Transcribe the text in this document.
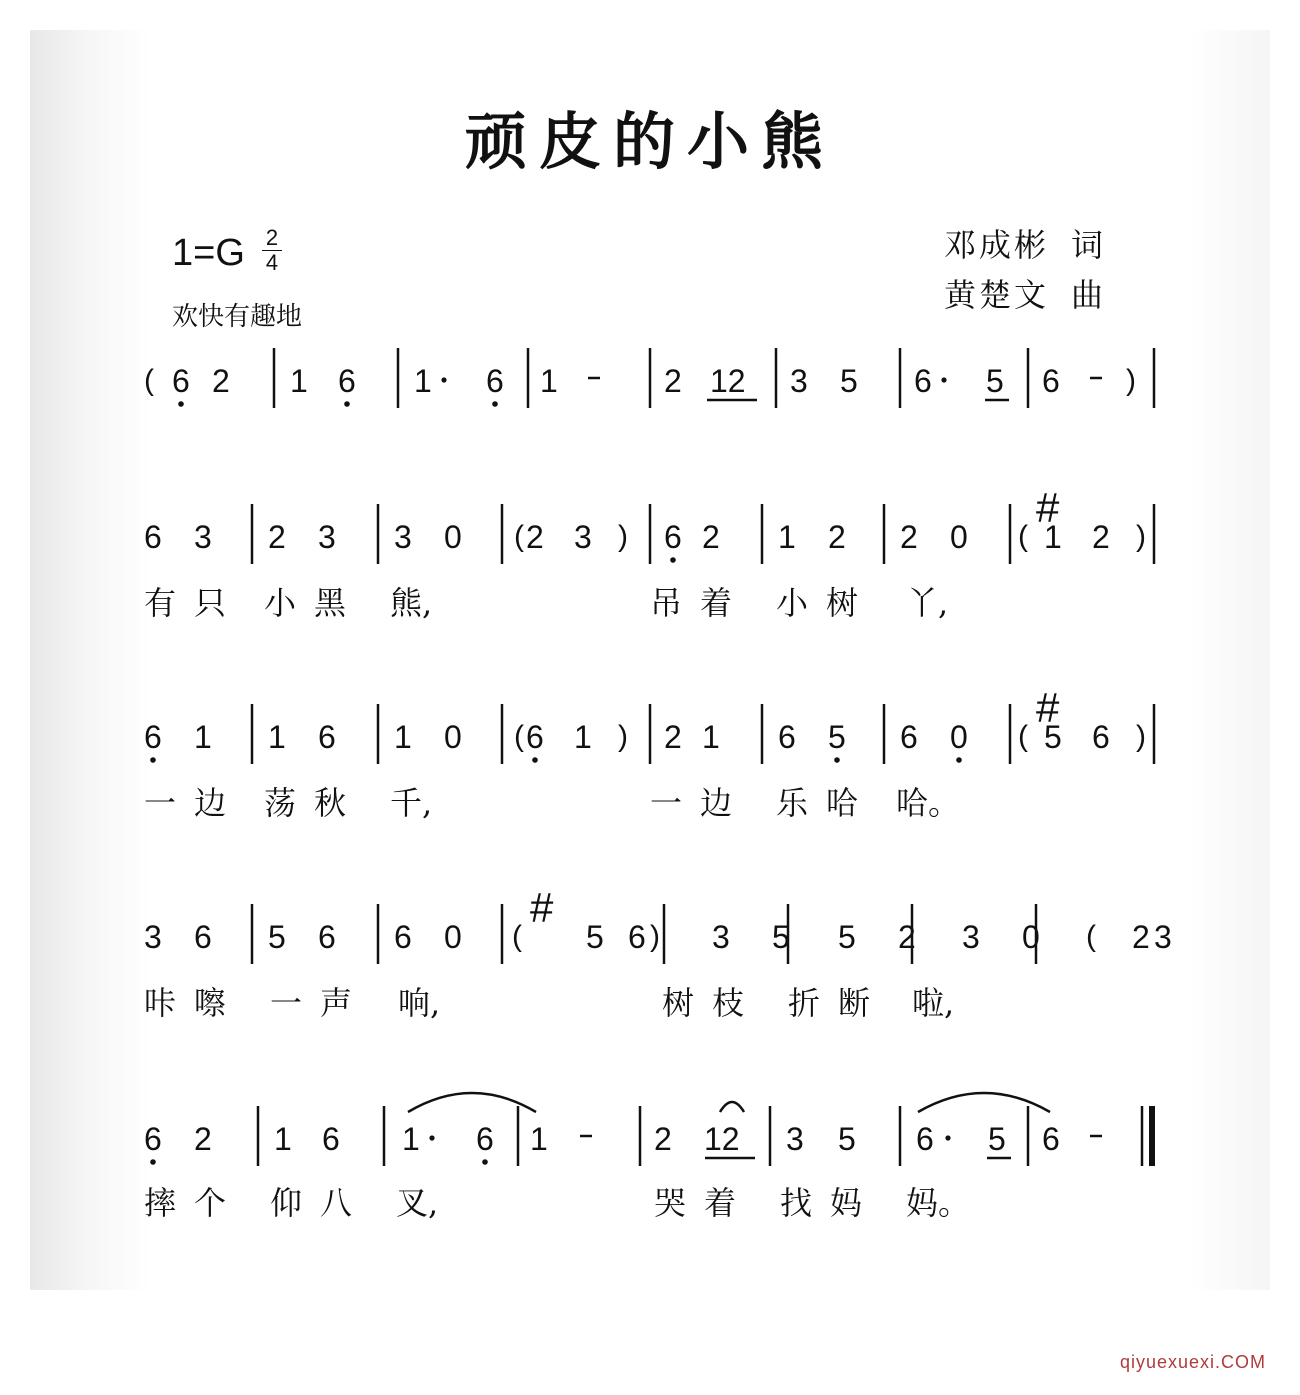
顽皮的小熊
$1=G \frac{2}{4}$
欢快有趣地
邓成彬 词
黄楚文 曲
( 6 2 1 6 1 6 1	2 12 3 5 6 5 6 )
6 3 2 3 3 0 ( 2 3 ) 6 2 1 2 2 0 (
#
1 2 )
有 只 小 黑 熊,	吊 着 小 树 丫,
6 1 1 6 1 0 ( 6 1 ) 2 1 6 5 6 0 (
#
5 6 )
一 边 荡 秋 千,	一 边 乐 哈 哈。
3 6 5 6 6 0 (
#
5 6 ) 3 5 5 2 3 0 ( 2 3
咔 嚓 一 声 响,	树 枝 折 断 啦,
6 2 1 6 1 6 1	2 12 3 5 6 5 6
摔 个 仰 八 叉,	哭 着 找 妈 妈。
qiyuexuexi.COM
